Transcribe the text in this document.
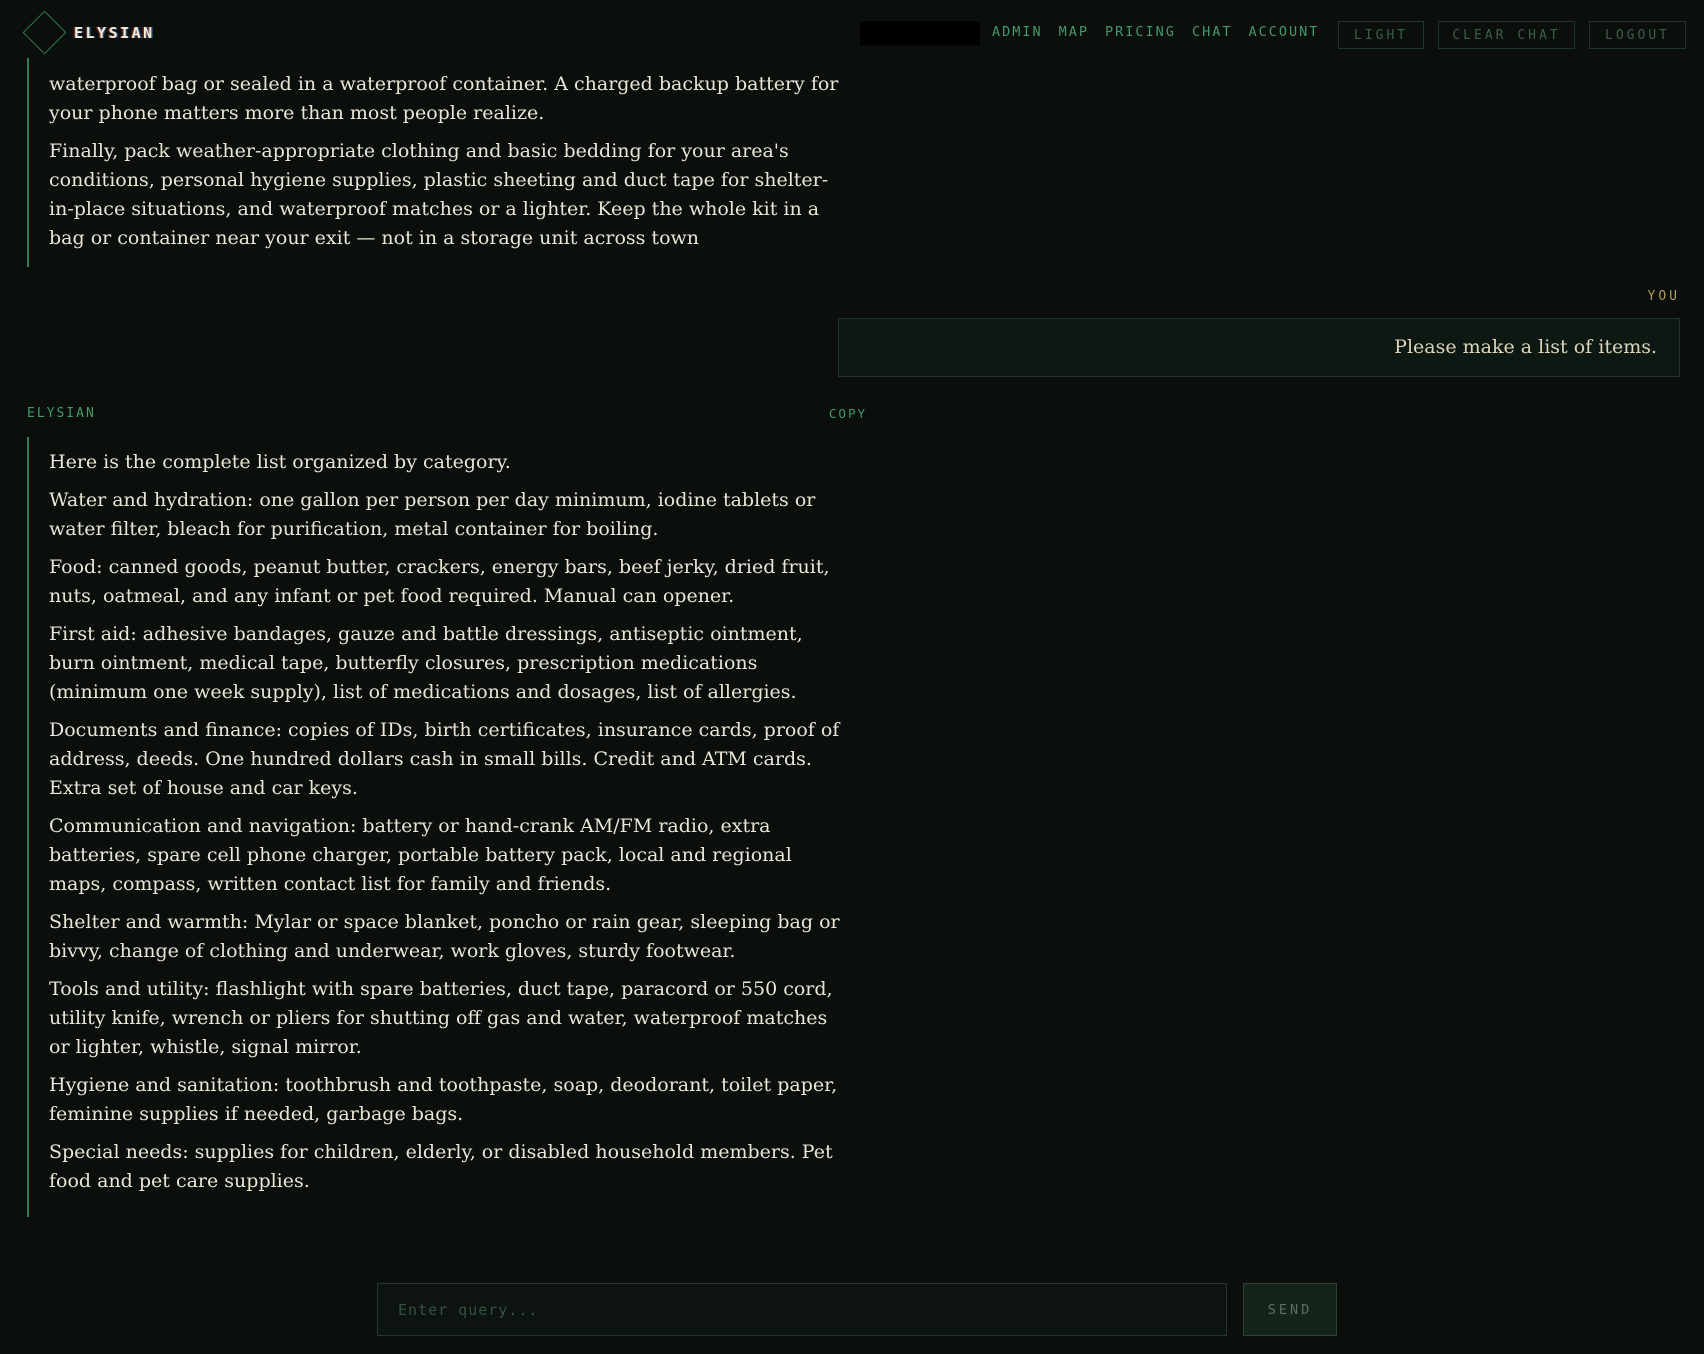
ELYSIAN	ADMIN MAP PRICING CHAT ACCOUNT	LIGHT	CLEAR CHAT	LOGOUT

waterproof bag or sealed in a waterproof container. A charged backup battery for your phone matters more than most people realize.

Finally, pack weather-appropriate clothing and basic bedding for your area's conditions, personal hygiene supplies, plastic sheeting and duct tape for shelter-in-place situations, and waterproof matches or a lighter. Keep the whole kit in a bag or container near your exit — not in a storage unit across town

YOU
Please make a list of items.
ELYSIAN	COPY

Here is the complete list organized by category.

Water and hydration: one gallon per person per day minimum, iodine tablets or water filter, bleach for purification, metal container for boiling.

Food: canned goods, peanut butter, crackers, energy bars, beef jerky, dried fruit, nuts, oatmeal, and any infant or pet food required. Manual can opener.

First aid: adhesive bandages, gauze and battle dressings, antiseptic ointment, burn ointment, medical tape, butterfly closures, prescription medications (minimum one week supply), list of medications and dosages, list of allergies.

Documents and finance: copies of IDs, birth certificates, insurance cards, proof of address, deeds. One hundred dollars cash in small bills. Credit and ATM cards. Extra set of house and car keys.

Communication and navigation: battery or hand-crank AM/FM radio, extra batteries, spare cell phone charger, portable battery pack, local and regional maps, compass, written contact list for family and friends.

Shelter and warmth: Mylar or space blanket, poncho or rain gear, sleeping bag or bivvy, change of clothing and underwear, work gloves, sturdy footwear.

Tools and utility: flashlight with spare batteries, duct tape, paracord or 550 cord, utility knife, wrench or pliers for shutting off gas and water, waterproof matches or lighter, whistle, signal mirror.

Hygiene and sanitation: toothbrush and toothpaste, soap, deodorant, toilet paper, feminine supplies if needed, garbage bags.

Special needs: supplies for children, elderly, or disabled household members. Pet food and pet care supplies.

Enter query...
SEND
